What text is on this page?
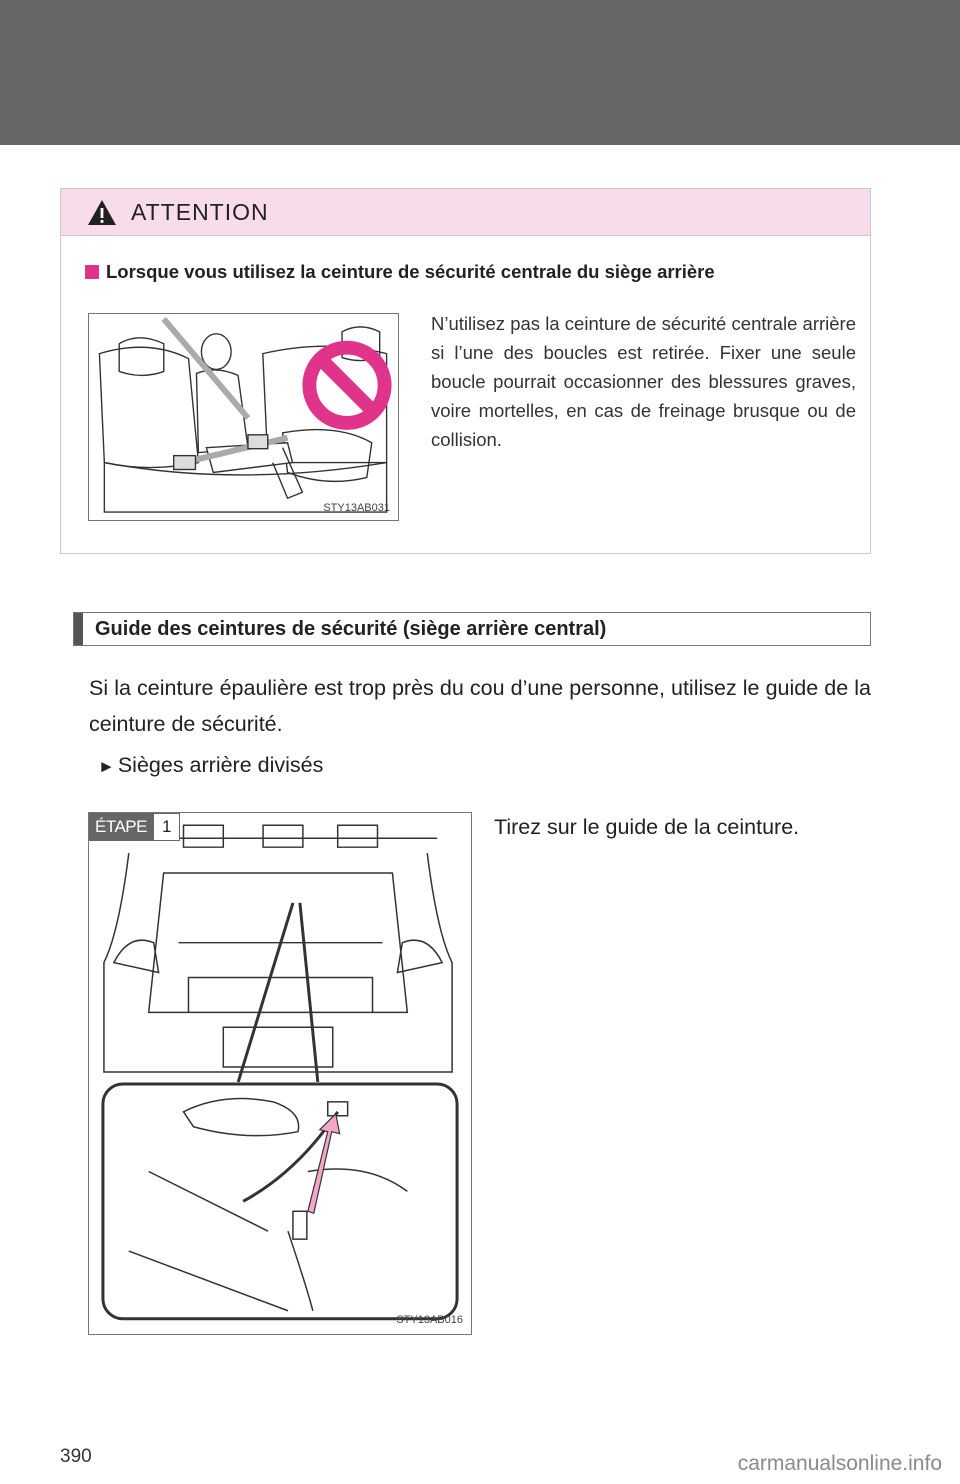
ATTENTION
Lorsque vous utilisez la ceinture de sécurité centrale du siège arrière
STY13AB031
N’utilisez pas la ceinture de sécurité centrale arrière si l’une des boucles est retirée. Fixer une seule boucle pourrait occasionner des blessures graves, voire mortelles, en cas de freinage brusque ou de collision.
Guide des ceintures de sécurité (siège arrière central)
Si la ceinture épaulière est trop près du cou d’une personne, utilisez le guide de la ceinture de sécurité.
► Sièges arrière divisés
ÉTAPE 1
STY13AB016
Tirez sur le guide de la ceinture.
390	carmanualsonline.info
